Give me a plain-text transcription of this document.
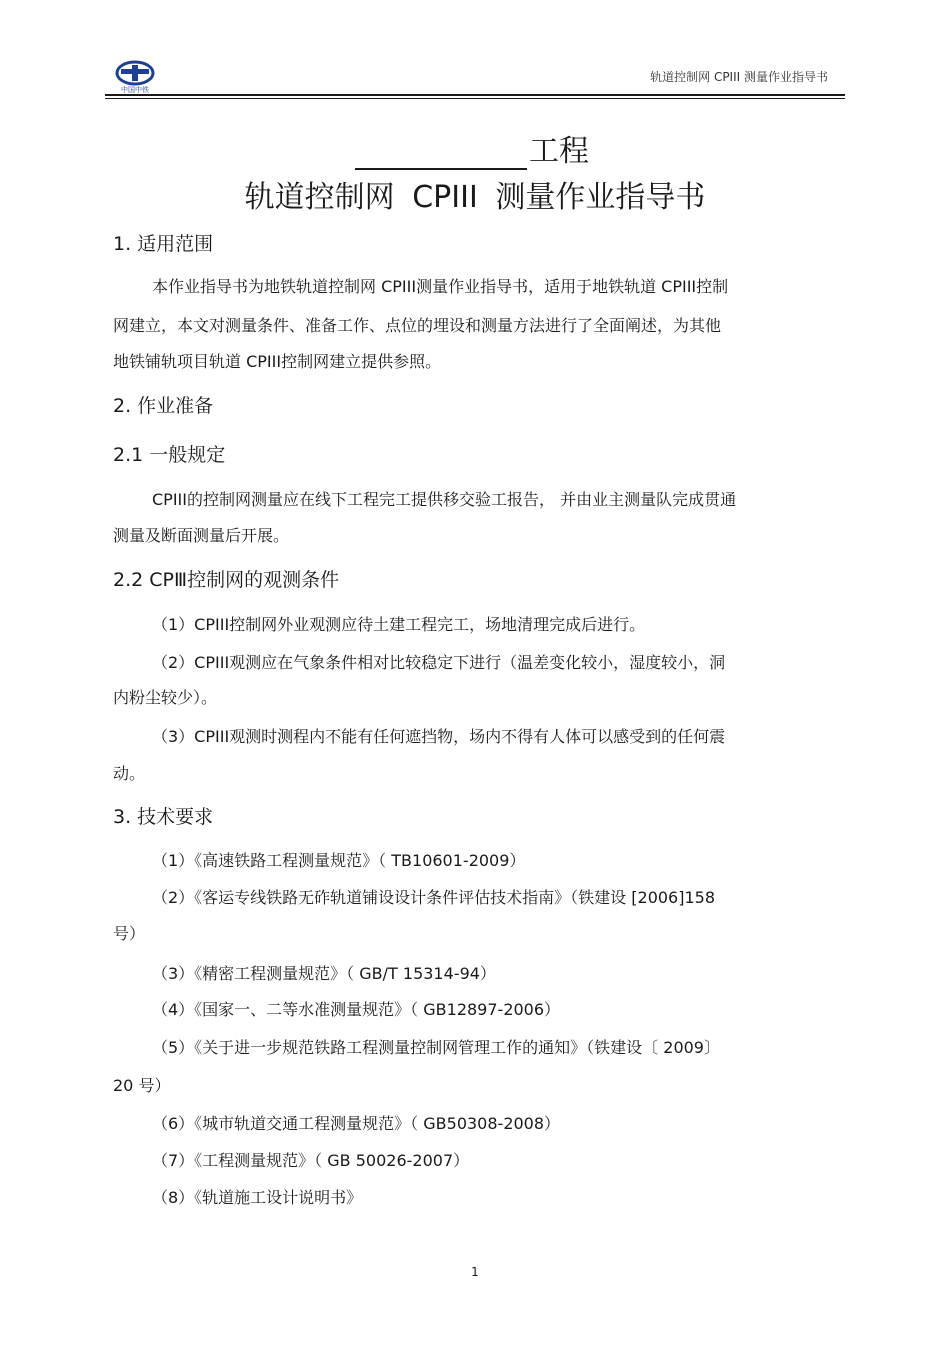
中国中铁
轨道控制网 CPIII 测量作业指导书
工程
轨道控制网 CPIII 测量作业指导书
1. 适用范围
本作业指导书为地铁轨道控制网 CPIII测量作业指导书，适用于地铁轨道 CPIII控制
网建立，本文对测量条件、准备工作、点位的埋设和测量方法进行了全面阐述，为其他
地铁铺轨项目轨道 CPIII控制网建立提供参照。
2. 作业准备
2.1 一般规定
CPIII的控制网测量应在线下工程完工提供移交验工报告， 并由业主测量队完成贯通
测量及断面测量后开展。
2.2 CPⅢ控制网的观测条件
（1）CPIII控制网外业观测应待土建工程完工，场地清理完成后进行。
（2）CPIII观测应在气象条件相对比较稳定下进行（温差变化较小，湿度较小，洞
内粉尘较少）。
（3）CPIII观测时测程内不能有任何遮挡物，场内不得有人体可以感受到的任何震
动。
3. 技术要求
（1）《高速铁路工程测量规范》（ TB10601-2009）
（2）《客运专线铁路无砟轨道铺设设计条件评估技术指南》（铁建设 [2006]158
号）
（3）《精密工程测量规范》（ GB/T 15314-94）
（4）《国家一、二等水准测量规范》（ GB12897-2006）
（5）《关于进一步规范铁路工程测量控制网管理工作的通知》（铁建设〔 2009〕
20 号）
（6）《城市轨道交通工程测量规范》（ GB50308-2008）
（7）《工程测量规范》（ GB 50026-2007）
（8）《轨道施工设计说明书》
1
